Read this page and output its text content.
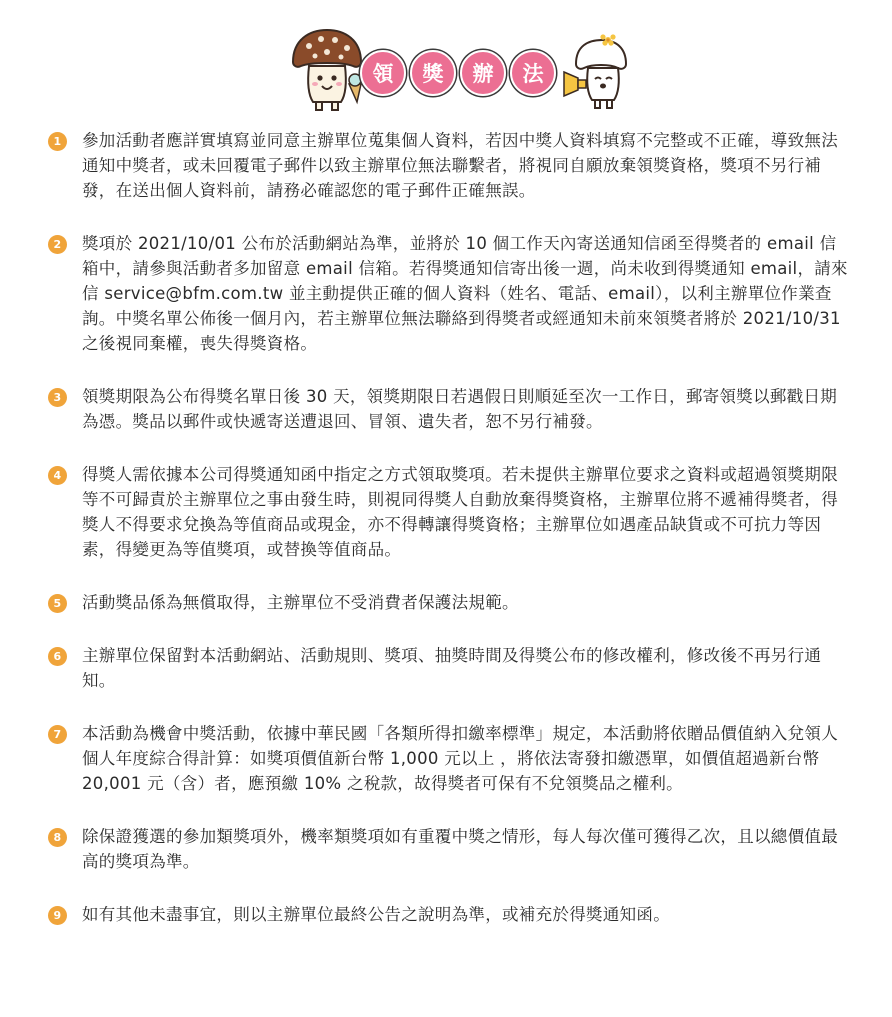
領	獎	辦	法
1	參加活動者應詳實填寫並同意主辦單位蒐集個人資料，若因中獎人資料填寫不完整或不正確，導致無法通知中獎者，或未回覆電子郵件以致主辦單位無法聯繫者，將視同自願放棄領獎資格，獎項不另行補發，在送出個人資料前，請務必確認您的電子郵件正確無誤。
2	獎項於 2021/10/01 公布於活動網站為準，並將於 10 個工作天內寄送通知信函至得獎者的 email 信箱中，請參與活動者多加留意 email 信箱。若得獎通知信寄出後一週，尚未收到得獎通知 email，請來信 service@bfm.com.tw 並主動提供正確的個人資料（姓名、電話、email），以利主辦單位作業查詢。中獎名單公佈後一個月內，若主辦單位無法聯絡到得獎者或經通知未前來領獎者將於 2021/10/31 之後視同棄權，喪失得獎資格。
3	領獎期限為公布得獎名單日後 30 天，領獎期限日若遇假日則順延至次一工作日，郵寄領獎以郵戳日期為憑。獎品以郵件或快遞寄送遭退回、冒領、遺失者，恕不另行補發。
4	得獎人需依據本公司得獎通知函中指定之方式領取獎項。若未提供主辦單位要求之資料或超過領獎期限等不可歸責於主辦單位之事由發生時，則視同得獎人自動放棄得獎資格，主辦單位將不遞補得獎者，得獎人不得要求兌換為等值商品或現金，亦不得轉讓得獎資格；主辦單位如遇產品缺貨或不可抗力等因素，得變更為等值獎項，或替換等值商品。
5	活動獎品係為無償取得，主辦單位不受消費者保護法規範。
6	主辦單位保留對本活動網站、活動規則、獎項、抽獎時間及得獎公布的修改權利，修改後不再另行通知。
7	本活動為機會中獎活動，依據中華民國「各類所得扣繳率標準」規定，本活動將依贈品價值納入兌領人個人年度綜合得計算：如獎項價值新台幣 1,000 元以上 ，將依法寄發扣繳憑單，如價值超過新台幣 20,001 元（含）者，應預繳 10% 之稅款，故得獎者可保有不兌領獎品之權利。
8	除保證獲選的參加類獎項外，機率類獎項如有重覆中獎之情形，每人每次僅可獲得乙次，且以總價值最高的獎項為準。
9	如有其他未盡事宜，則以主辦單位最終公告之說明為準，或補充於得獎通知函。
